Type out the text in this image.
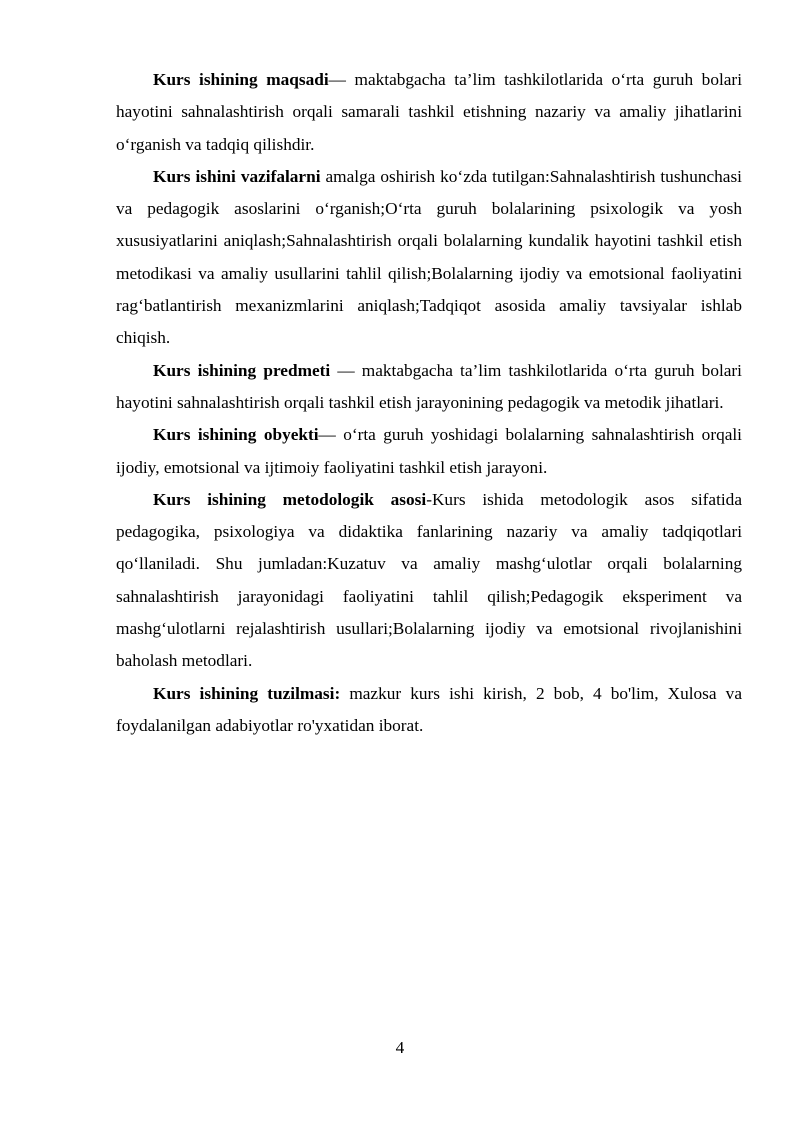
Kurs ishining maqsadi— maktabgacha ta’lim tashkilotlarida o‘rta guruh bolari hayotini sahnalashtirish orqali samarali tashkil etishning nazariy va amaliy jihatlarini o‘rganish va tadqiq qilishdir.

Kurs ishini vazifalarni amalga oshirish ko‘zda tutilgan:Sahnalashtirish tushunchasi va pedagogik asoslarini o‘rganish;O‘rta guruh bolalarining psixologik va yosh xususiyatlarini aniqlash;Sahnalashtirish orqali bolalarning kundalik hayotini tashkil etish metodikasi va amaliy usullarini tahlil qilish;Bolalarning ijodiy va emotsional faoliyatini rag‘batlantirish mexanizmlarini aniqlash;Tadqiqot asosida amaliy tavsiyalar ishlab chiqish.

Kurs ishining predmeti — maktabgacha ta’lim tashkilotlarida o‘rta guruh bolari hayotini sahnalashtirish orqali tashkil etish jarayonining pedagogik va metodik jihatlari.

Kurs ishining obyekti— o‘rta guruh yoshidagi bolalarning sahnalashtirish orqali ijodiy, emotsional va ijtimoiy faoliyatini tashkil etish jarayoni.

Kurs ishining metodologik asosi-Kurs ishida metodologik asos sifatida pedagogika, psixologiya va didaktika fanlarining nazariy va amaliy tadqiqotlari qo‘llaniladi. Shu jumladan:Kuzatuv va amaliy mashg‘ulotlar orqali bolalarning sahnalashtirish jarayonidagi faoliyatini tahlil qilish;Pedagogik eksperiment va mashg‘ulotlarni rejalashtirish usullari;Bolalarning ijodiy va emotsional rivojlanishini baholash metodlari.

Kurs ishining tuzilmasi: mazkur kurs ishi kirish, 2 bob, 4 bo'lim, Xulosa va foydalanilgan adabiyotlar ro'yxatidan iborat.

4
